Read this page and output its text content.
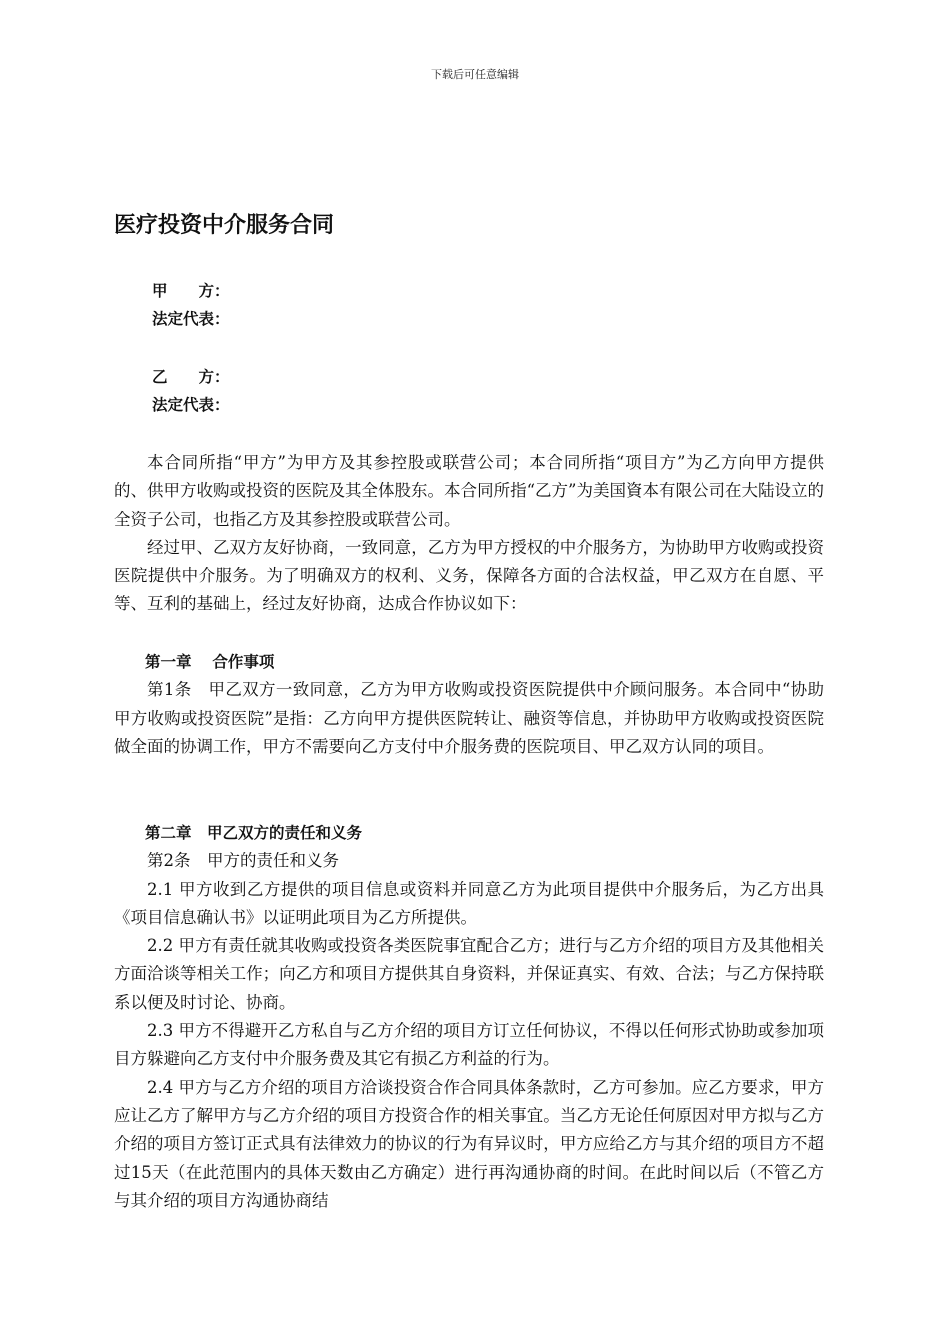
下载后可任意编辑
医疗投资中介服务合同
甲　　方：
法定代表：
乙　　方：
法定代表：

本合同所指“甲方”为甲方及其参控股或联营公司；本合同所指“项目方”为乙方向甲方提供的、供甲方收购或投资的医院及其全体股东。本合同所指“乙方”为美国資本有限公司在大陆设立的全资子公司，也指乙方及其参控股或联营公司。

经过甲、乙双方友好协商，一致同意，乙方为甲方授权的中介服务方，为协助甲方收购或投资医院提供中介服务。为了明确双方的权利、义务，保障各方面的合法权益，甲乙双方在自愿、平等、互利的基础上，经过友好协商，达成合作协议如下：

第一章　 合作事项

第1条　甲乙双方一致同意，乙方为甲方收购或投资医院提供中介顾问服务。本合同中“协助甲方收购或投资医院”是指：乙方向甲方提供医院转让、融资等信息，并协助甲方收购或投资医院做全面的协调工作，甲方不需要向乙方支付中介服务费的医院项目、甲乙双方认同的项目。

第二章　甲乙双方的责任和义务

第2条　甲方的责任和义务

2.1 甲方收到乙方提供的项目信息或资料并同意乙方为此项目提供中介服务后，为乙方出具《项目信息确认书》以证明此项目为乙方所提供。

2.2 甲方有责任就其收购或投资各类医院事宜配合乙方；进行与乙方介绍的项目方及其他相关方面洽谈等相关工作；向乙方和项目方提供其自身资料，并保证真实、有效、合法；与乙方保持联系以便及时讨论、协商。

2.3 甲方不得避开乙方私自与乙方介绍的项目方订立任何协议，不得以任何形式协助或参加项目方躲避向乙方支付中介服务费及其它有损乙方利益的行为。

2.4 甲方与乙方介绍的项目方洽谈投资合作合同具体条款时，乙方可参加。应乙方要求，甲方应让乙方了解甲方与乙方介绍的项目方投资合作的相关事宜。当乙方无论任何原因对甲方拟与乙方介绍的项目方签订正式具有法律效力的协议的行为有异议时，甲方应给乙方与其介绍的项目方不超过15天（在此范围内的具体天数由乙方确定）进行再沟通协商的时间。在此时间以后（不管乙方与其介绍的项目方沟通协商结
